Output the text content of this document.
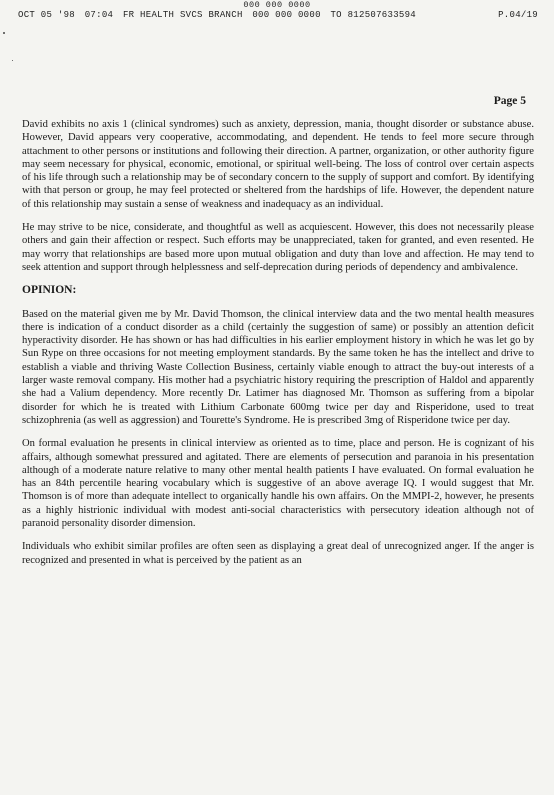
000 000 0000
OCT 05 '98 07:04 FR HEALTH SVCS BRANCH 000 000 0000 TO 812507633594	P.04/19
Page 5

David exhibits no axis 1 (clinical syndromes) such as anxiety, depression, mania, thought disorder or substance abuse. However, David appears very cooperative, accommodating, and dependent. He tends to feel more secure through attachment to other persons or institutions and following their direction. A partner, organization, or other authority figure may seem necessary for physical, economic, emotional, or spiritual well-being. The loss of control over certain aspects of his life through such a relationship may be of secondary concern to the supply of support and comfort. By identifying with that person or group, he may feel protected or sheltered from the hardships of life. However, the dependent nature of this relationship may sustain a sense of weakness and inadequacy as an individual.

He may strive to be nice, considerate, and thoughtful as well as acquiescent. However, this does not necessarily please others and gain their affection or respect. Such efforts may be unappreciated, taken for granted, and even resented. He may worry that relationships are based more upon mutual obligation and duty than love and affection. He may tend to seek attention and support through helplessness and self-deprecation during periods of dependency and ambivalence.

OPINION:

Based on the material given me by Mr. David Thomson, the clinical interview data and the two mental health measures there is indication of a conduct disorder as a child (certainly the suggestion of same) or possibly an attention deficit hyperactivity disorder. He has shown or has had difficulties in his earlier employment history in which he was let go by Sun Rype on three occasions for not meeting employment standards. By the same token he has the intellect and drive to establish a viable and thriving Waste Collection Business, certainly viable enough to attract the buy-out interests of a larger waste removal company. His mother had a psychiatric history requiring the prescription of Haldol and apparently she had a Valium dependency. More recently Dr. Latimer has diagnosed Mr. Thomson as suffering from a bipolar disorder for which he is treated with Lithium Carbonate 600mg twice per day and Risperidone, used to treat schizophrenia (as well as aggression) and Tourette's Syndrome. He is prescribed 3mg of Risperidone twice per day.

On formal evaluation he presents in clinical interview as oriented as to time, place and person. He is cognizant of his affairs, although somewhat pressured and agitated. There are elements of persecution and paranoia in his presentation although of a moderate nature relative to many other mental health patients I have evaluated. On formal evaluation he has an 84th percentile hearing vocabulary which is suggestive of an above average IQ. I would suggest that Mr. Thomson is of more than adequate intellect to organically handle his own affairs. On the MMPI-2, however, he presents as a highly histrionic individual with modest anti-social characteristics with persecutory ideation although not of paranoid personality disorder dimension.

Individuals who exhibit similar profiles are often seen as displaying a great deal of unrecognized anger. If the anger is recognized and presented in what is perceived by the patient as an
